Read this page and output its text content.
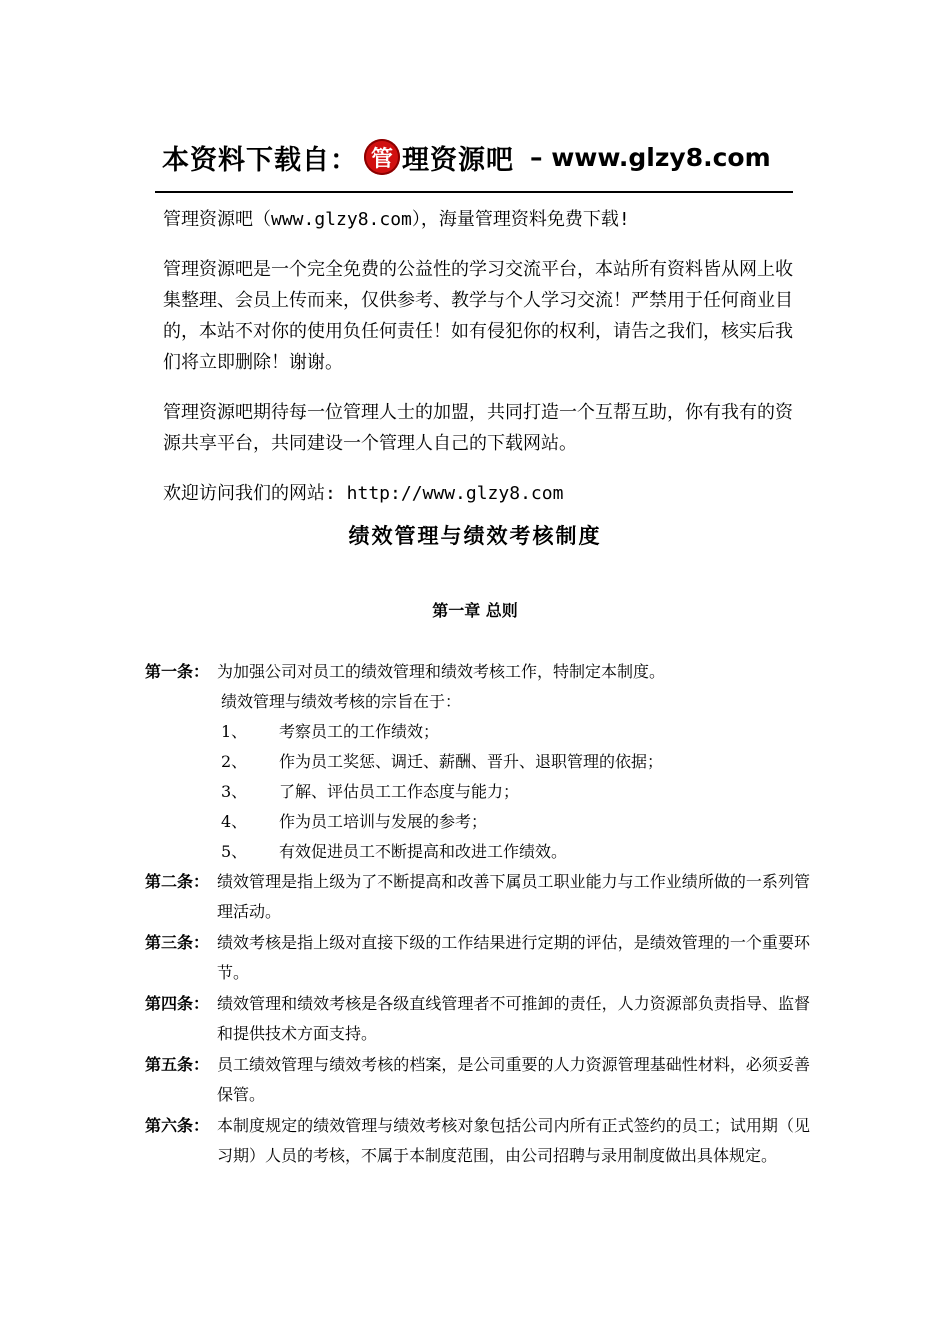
本资料下载自： 管 理资源吧 – www.glzy8.com

管理资源吧（www.glzy8.com），海量管理资料免费下载!

管理资源吧是一个完全免费的公益性的学习交流平台，本站所有资料皆从网上收集整理、会员上传而来，仅供参考、教学与个人学习交流！严禁用于任何商业目的，本站不对你的使用负任何责任！如有侵犯你的权利，请告之我们，核实后我们将立即删除！谢谢。

管理资源吧期待每一位管理人士的加盟，共同打造一个互帮互助，你有我有的资源共享平台，共同建设一个管理人自己的下载网站。

欢迎访问我们的网站: http://www.glzy8.com

绩效管理与绩效考核制度
第一章 总则
第一条： 为加强公司对员工的绩效管理和绩效考核工作，特制定本制度。

绩效管理与绩效考核的宗旨在于：

1、	考察员工的工作绩效；
2、	作为员工奖惩、调迁、薪酬、晋升、退职管理的依据；
3、	了解、评估员工工作态度与能力；
4、	作为员工培训与发展的参考；
5、	有效促进员工不断提高和改进工作绩效。
第二条： 绩效管理是指上级为了不断提高和改善下属员工职业能力与工作业绩所做的一系列管理活动。
第三条： 绩效考核是指上级对直接下级的工作结果进行定期的评估，是绩效管理的一个重要环节。
第四条： 绩效管理和绩效考核是各级直线管理者不可推卸的责任，人力资源部负责指导、监督和提供技术方面支持。
第五条： 员工绩效管理与绩效考核的档案，是公司重要的人力资源管理基础性材料，必须妥善保管。
第六条： 本制度规定的绩效管理与绩效考核对象包括公司内所有正式签约的员工；试用期（见习期）人员的考核，不属于本制度范围，由公司招聘与录用制度做出具体规定。
